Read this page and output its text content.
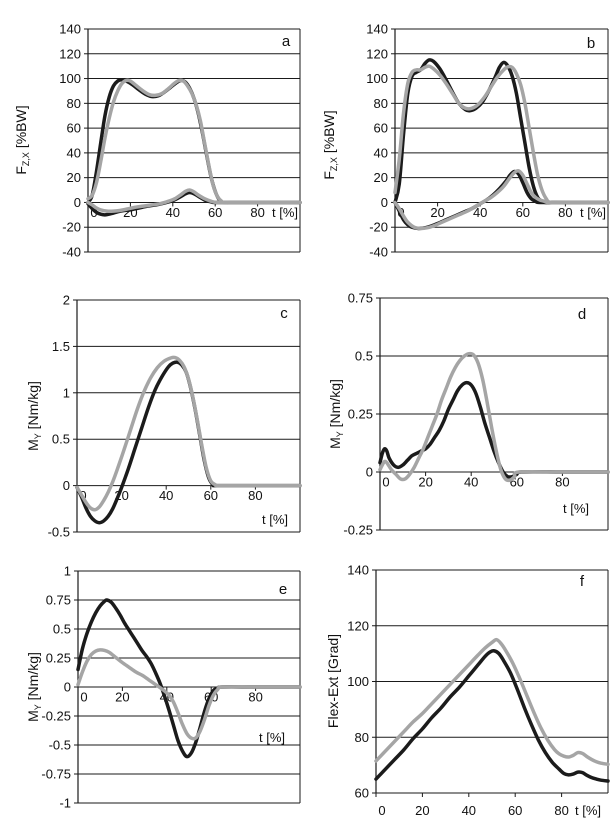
140
120
100
80
60
40
20
0
-20
-40
0 20 40 60 80 t [%]
$F_{Z,X}$ [%BW]
a
140
120
100
80
60
40
20
0
-20
-40
0 20 40 60 80 t [%]
$F_{Z,X}$ [%BW]
b
2
1.5
1
0.5
0
-0.5
0 20 40 60 80
t [%]
$M_Y$ [Nm/kg]
c
0.75
0.5
0.25
0
-0.25
0 20 40 60 80
t [%]
$M_Y$ [Nm/kg]
d
1
0.75
0.5
0.25
0
-0.25
-0.5
-0.75
-1
0 20 40 60 80
t [%]
$M_Y$ [Nm/kg]
e
140
120
100
80
60
0 20 40 60 80 t [%]
Flex-Ext [Grad]
f
